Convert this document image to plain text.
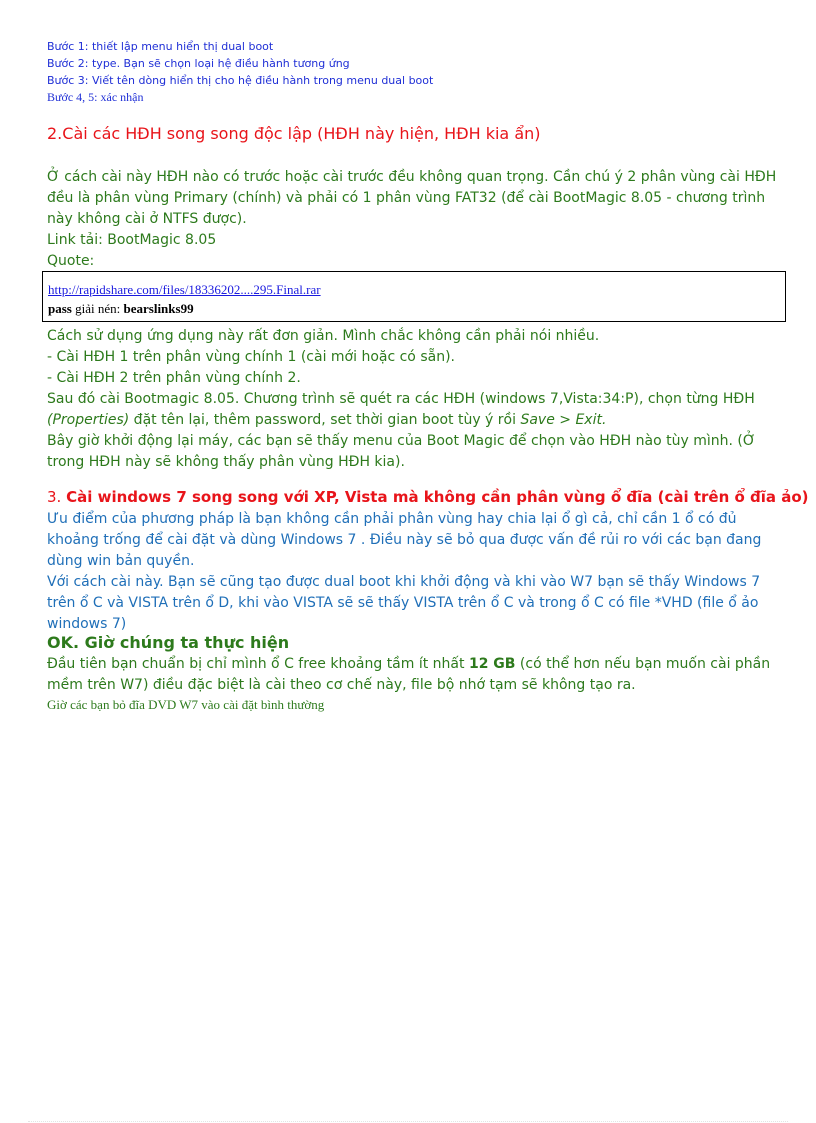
Bước 1: thiết lập menu hiển thị dual boot
Bước 2: type. Bạn sẽ chọn loại hệ điều hành tương ứng
Bước 3: Viết tên dòng hiển thị cho hệ điều hành trong menu dual boot
Bước 4, 5: xác nhận
2.Cài các HĐH song song độc lập (HĐH này hiện, HĐH kia ẩn)
Ở cách cài này HĐH nào có trước hoặc cài trước đều không quan trọng. Cần chú ý 2 phân vùng cài HĐH đều là phân vùng Primary (chính) và phải có 1 phân vùng FAT32 (để cài BootMagic 8.05 - chương trình này không cài ở NTFS được).
Link tải: BootMagic 8.05
Quote:
http://rapidshare.com/files/18336202....295.Final.rar
pass giải nén: bearslinks99
Cách sử dụng ứng dụng này rất đơn giản. Mình chắc không cần phải nói nhiều.
- Cài HĐH 1 trên phân vùng chính 1 (cài mới hoặc có sẵn).
- Cài HĐH 2 trên phân vùng chính 2.
Sau đó cài Bootmagic 8.05. Chương trình sẽ quét ra các HĐH (windows 7,Vista:34:P), chọn từng HĐH (Properties) đặt tên lại, thêm password, set thời gian boot tùy ý rồi Save > Exit.
Bây giờ khởi động lại máy, các bạn sẽ thấy menu của Boot Magic để chọn vào HĐH nào tùy mình. (Ở trong HĐH này sẽ không thấy phân vùng HĐH kia).
3. Cài windows 7 song song với XP, Vista mà không cần phân vùng ổ đĩa (cài trên ổ đĩa ảo)
Ưu điểm của phương pháp là bạn không cần phải phân vùng hay chia lại ổ gì cả, chỉ cần 1 ổ có đủ khoảng trống để cài đặt và dùng Windows 7 . Điều này sẽ bỏ qua được vấn đề rủi ro với các bạn đang dùng win bản quyền.
Với cách cài này. Bạn sẽ cũng tạo được dual boot khi khởi động và khi vào W7 bạn sẽ thấy Windows 7 trên ổ C và VISTA trên ổ D, khi vào VISTA sẽ sẽ thấy VISTA trên ổ C và trong ổ C có file *VHD (file ổ ảo windows 7)
OK. Giờ chúng ta thực hiện
Đầu tiên bạn chuẩn bị chỉ mình ổ C free khoảng tầm ít nhất 12 GB (có thể hơn nếu bạn muốn cài phần mềm trên W7) điều đặc biệt là cài theo cơ chế này, file bộ nhớ tạm sẽ không tạo ra.
Giờ các bạn bỏ đĩa DVD W7 vào cài đặt bình thường
